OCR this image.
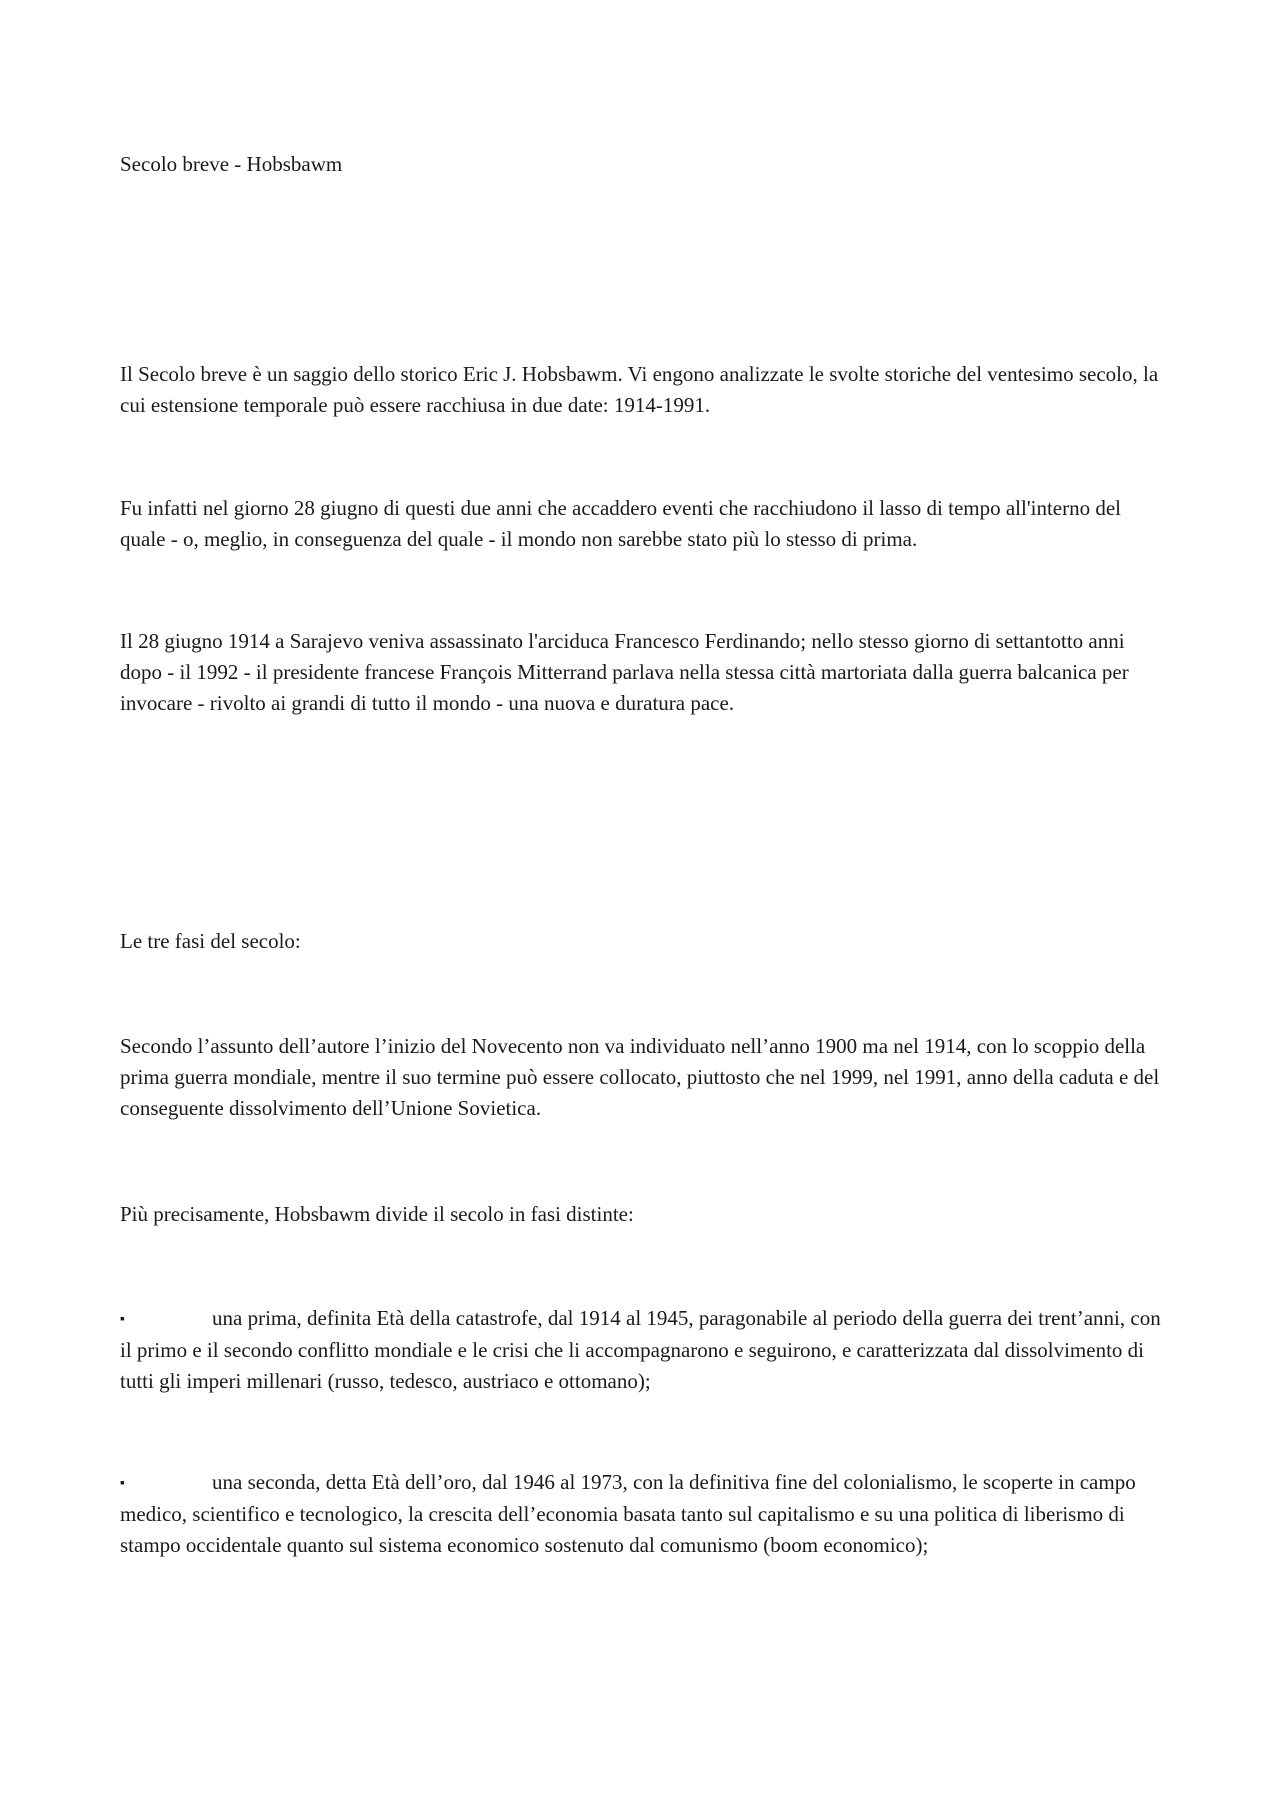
Secolo breve - Hobsbawm

Il Secolo breve è un saggio dello storico Eric J. Hobsbawm. Vi engono analizzate le svolte storiche del ventesimo secolo, la cui estensione temporale può essere racchiusa in due date: 1914-1991.

Fu infatti nel giorno 28 giugno di questi due anni che accaddero eventi che racchiudono il lasso di tempo all'interno del quale - o, meglio, in conseguenza del quale - il mondo non sarebbe stato più lo stesso di prima.

Il 28 giugno 1914 a Sarajevo veniva assassinato l'arciduca Francesco Ferdinando; nello stesso giorno di settantotto anni dopo - il 1992 - il presidente francese François Mitterrand parlava nella stessa città martoriata dalla guerra balcanica per invocare - rivolto ai grandi di tutto il mondo - una nuova e duratura pace.

Le tre fasi del secolo:

Secondo l’assunto dell’autore l’inizio del Novecento non va individuato nell’anno 1900 ma nel 1914, con lo scoppio della prima guerra mondiale, mentre il suo termine può essere collocato, piuttosto che nel 1999, nel 1991, anno della caduta e del conseguente dissolvimento dell’Unione Sovietica.

Più precisamente, Hobsbawm divide il secolo in fasi distinte:

▪	una prima, definita Età della catastrofe, dal 1914 al 1945, paragonabile al periodo della guerra dei trent’anni, con il primo e il secondo conflitto mondiale e le crisi che li accompagnarono e seguirono, e caratterizzata dal dissolvimento di tutti gli imperi millenari (russo, tedesco, austriaco e ottomano);

▪	una seconda, detta Età dell’oro, dal 1946 al 1973, con la definitiva fine del colonialismo, le scoperte in campo medico, scientifico e tecnologico, la crescita dell’economia basata tanto sul capitalismo e su una politica di liberismo di stampo occidentale quanto sul sistema economico sostenuto dal comunismo (boom economico);
